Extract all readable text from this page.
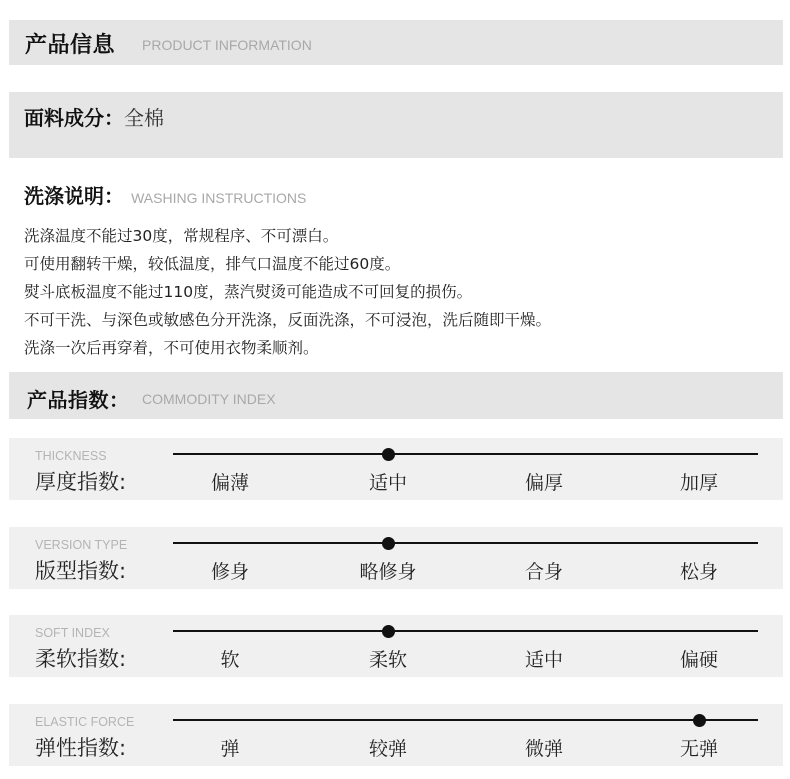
产品信息 PRODUCT INFORMATION
面料成分：全棉
洗涤说明： WASHING INSTRUCTIONS
洗涤温度不能过30度，常规程序、不可漂白。
可使用翻转干燥，较低温度，排气口温度不能过60度。
熨斗底板温度不能过110度，蒸汽熨烫可能造成不可回复的损伤。
不可干洗、与深色或敏感色分开洗涤，反面洗涤，不可浸泡，洗后随即干燥。
洗涤一次后再穿着，不可使用衣物柔顺剂。
产品指数： COMMODITY INDEX
THICKNESS
厚度指数:	偏薄	适中	偏厚	加厚
VERSION TYPE
版型指数:	修身	略修身	合身	松身
SOFT INDEX
柔软指数:	软	柔软	适中	偏硬
ELASTIC FORCE
弹性指数:	弹	较弹	微弹	无弹
